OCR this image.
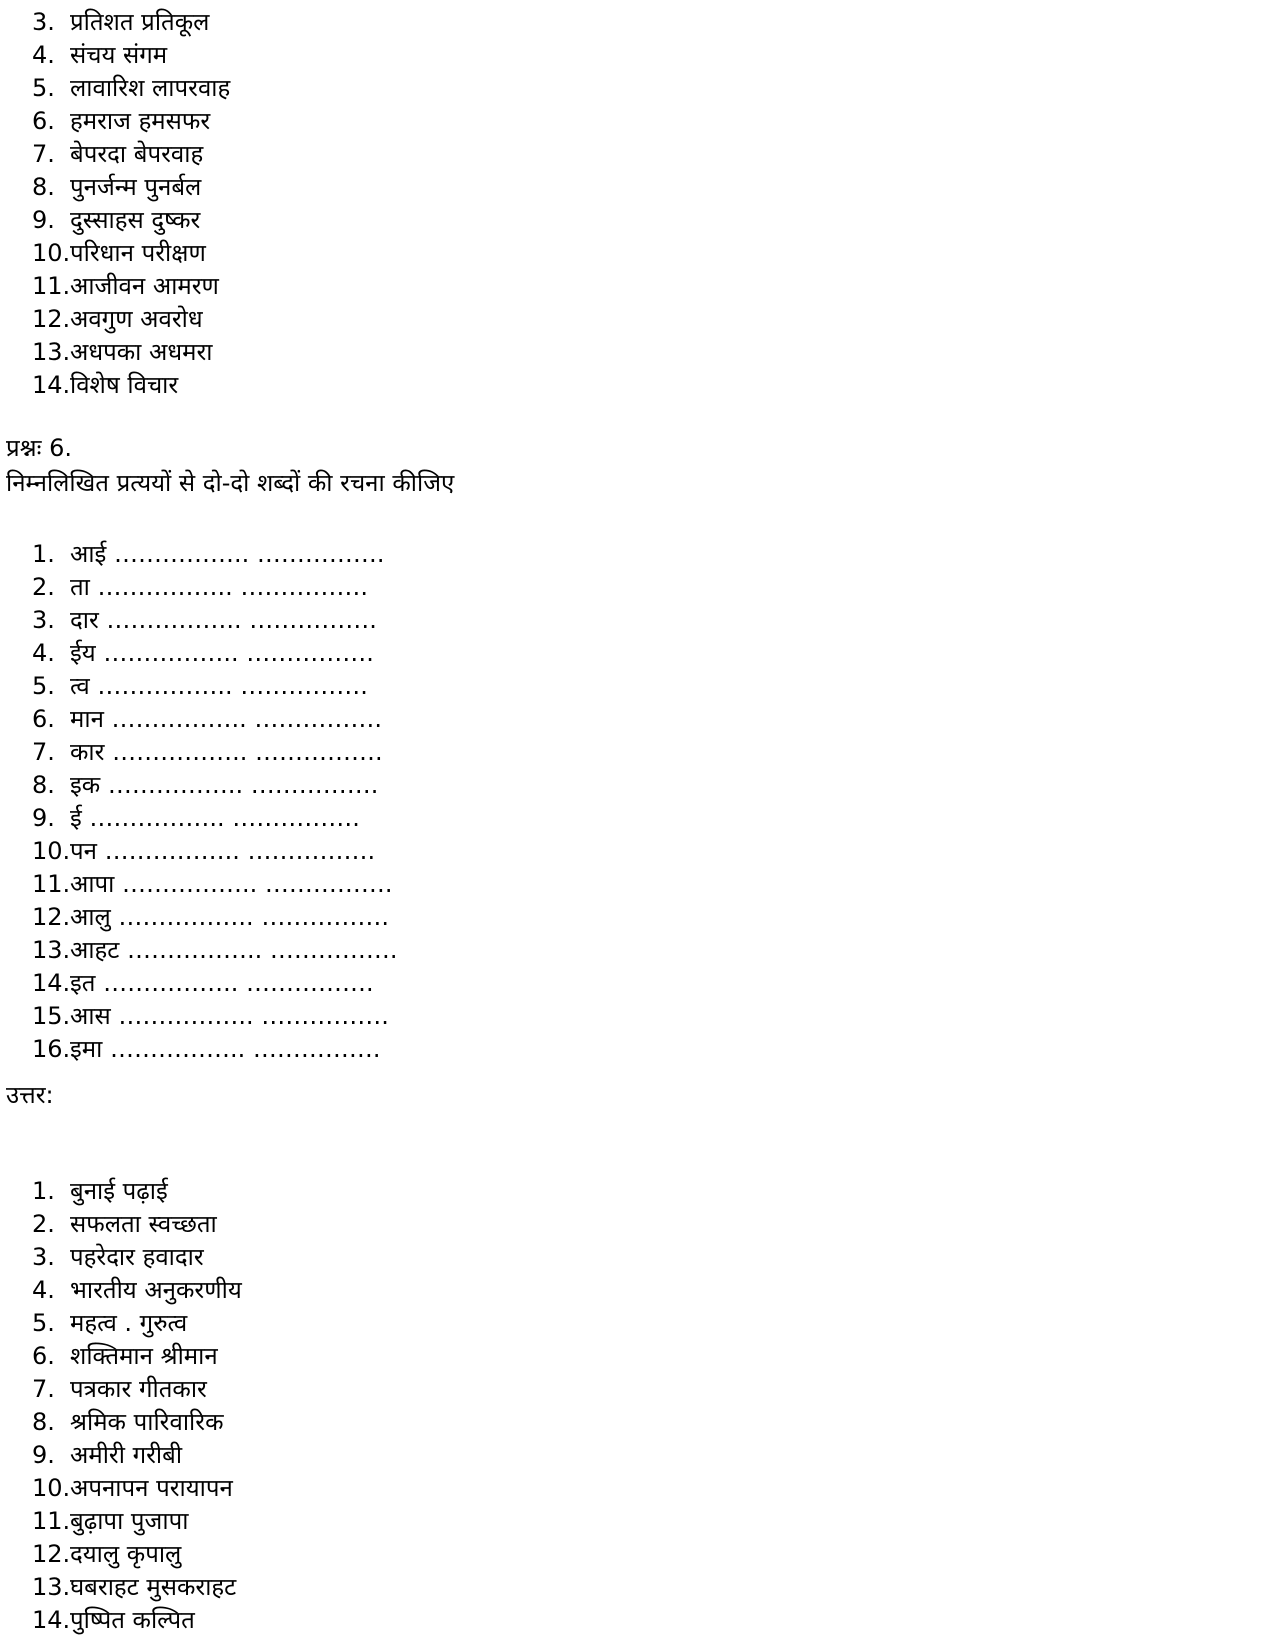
3. प्रतिशत प्रतिकूल
4. संचय संगम
5. लावारिश लापरवाह
6. हमराज हमसफर
7. बेपरदा बेपरवाह
8. पुनर्जन्म पुनर्बल
9. दुस्साहस दुष्कर
10. परिधान परीक्षण
11. आजीवन आमरण
12. अवगुण अवरोध
13. अधपका अधमरा
14. विशेष विचार
प्रश्नः 6.
निम्नलिखित प्रत्ययों से दो-दो शब्दों की रचना कीजिए
1. आई …………….. …………….
2. ता …………….. …………….
3. दार …………….. …………….
4. ईय …………….. …………….
5. त्व …………….. …………….
6. मान …………….. …………….
7. कार …………….. …………….
8. इक …………….. …………….
9. ई …………….. …………….
10. पन …………….. …………….
11. आपा …………….. …………….
12. आलु …………….. …………….
13. आहट …………….. …………….
14. इत …………….. …………….
15. आस …………….. …………….
16. इमा …………….. …………….
उत्तर:
1. बुनाई पढ़ाई
2. सफलता स्वच्छता
3. पहरेदार हवादार
4. भारतीय अनुकरणीय
5. महत्व . गुरुत्व
6. शक्तिमान श्रीमान
7. पत्रकार गीतकार
8. श्रमिक पारिवारिक
9. अमीरी गरीबी
10. अपनापन परायापन
11. बुढ़ापा पुजापा
12. दयालु कृपालु
13. घबराहट मुसकराहट
14. पुष्पित कल्पित
